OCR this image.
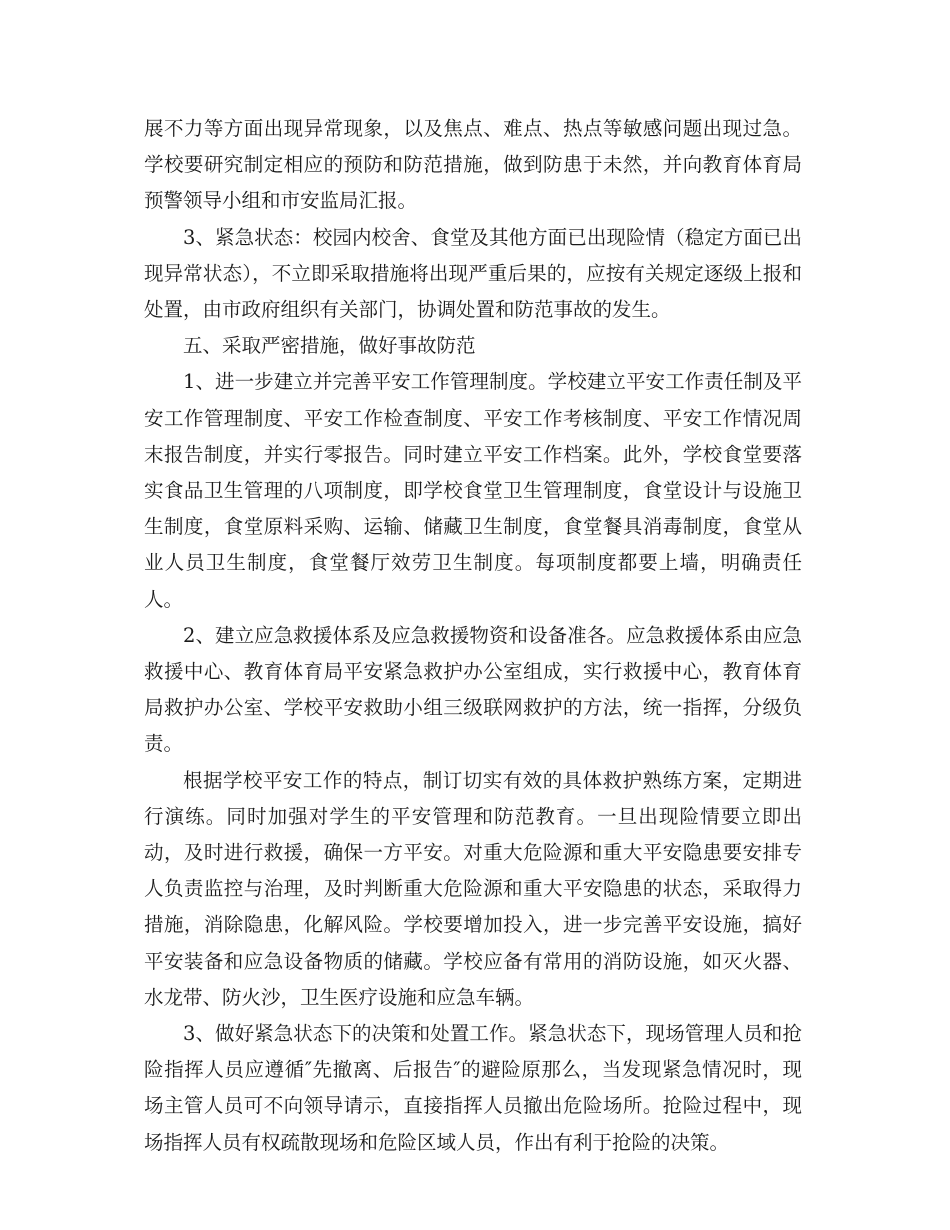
展不力等方面出现异常现象，以及焦点、难点、热点等敏感问题出现过急。学校要研究制定相应的预防和防范措施，做到防患于未然，并向教育体育局预警领导小组和市安监局汇报。

3、紧急状态：校园内校舍、食堂及其他方面已出现险情（稳定方面已出现异常状态），不立即采取措施将出现严重后果的，应按有关规定逐级上报和处置，由市政府组织有关部门，协调处置和防范事故的发生。

五、采取严密措施，做好事故防范

1、进一步建立并完善平安工作管理制度。学校建立平安工作责任制及平安工作管理制度、平安工作检查制度、平安工作考核制度、平安工作情况周末报告制度，并实行零报告。同时建立平安工作档案。此外，学校食堂要落实食品卫生管理的八项制度，即学校食堂卫生管理制度，食堂设计与设施卫生制度，食堂原料采购、运输、储藏卫生制度，食堂餐具消毒制度，食堂从业人员卫生制度，食堂餐厅效劳卫生制度。每项制度都要上墙，明确责任人。

2、建立应急救援体系及应急救援物资和设备准各。应急救援体系由应急救援中心、教育体育局平安紧急救护办公室组成，实行救援中心，教育体育局救护办公室、学校平安救助小组三级联网救护的方法，统一指挥，分级负责。

根据学校平安工作的特点，制订切实有效的具体救护熟练方案，定期进行演练。同时加强对学生的平安管理和防范教育。一旦出现险情要立即出动，及时进行救援，确保一方平安。对重大危险源和重大平安隐患要安排专人负责监控与治理，及时判断重大危险源和重大平安隐患的状态，采取得力措施，消除隐患，化解风险。学校要增加投入，进一步完善平安设施，搞好平安装备和应急设备物质的储藏。学校应备有常用的消防设施，如灭火器、水龙带、防火沙，卫生医疗设施和应急车辆。

3、做好紧急状态下的决策和处置工作。紧急状态下，现场管理人员和抢险指挥人员应遵循″先撤离、后报告″的避险原那么，当发现紧急情况时，现场主管人员可不向领导请示，直接指挥人员撤出危险场所。抢险过程中，现场指挥人员有权疏散现场和危险区域人员，作出有利于抢险的决策。
